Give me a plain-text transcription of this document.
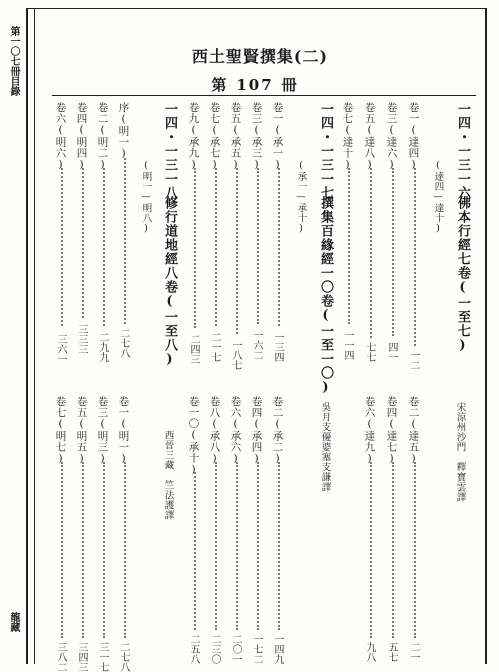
第一〇七冊目錄
龍藏
西土聖賢撰集(二)
第 107 冊
一四・一三一六
佛本行經七卷(一至七)
(達四—達十)
宋涼州沙門　釋寶雲譯
一四・一三一七
撰集百緣經一〇卷(一至一〇)
(承一—承十)
吳月支優婆塞支謙譯
一四・一三一八
修行道地經八卷(一至八)
(明一—明八)
西晉三藏　竺法護譯
卷一(達四)
一二
卷三(達六)
四一
卷五(達八)
七七
卷七(達十)
一一四
卷一(承一)
一三四
卷三(承三)
一六二
卷五(承五)
一八七
卷七(承七)
二一七
卷九(承九)
二四三
序(明一)
二七八
卷二(明二)
二九九
卷四(明四)
三三三
卷六(明六)
三六一
卷二(達五)
二一
卷四(達七)
五七
卷六(達九)
九八
卷二(承二)
一四九
卷四(承四)
一七二
卷六(承六)
二〇一
卷八(承八)
二三〇
卷一〇(承十)
二五八
卷一(明一)
二七八
卷三(明三)
三一七
卷五(明五)
三四三
卷七(明七)
三八二
